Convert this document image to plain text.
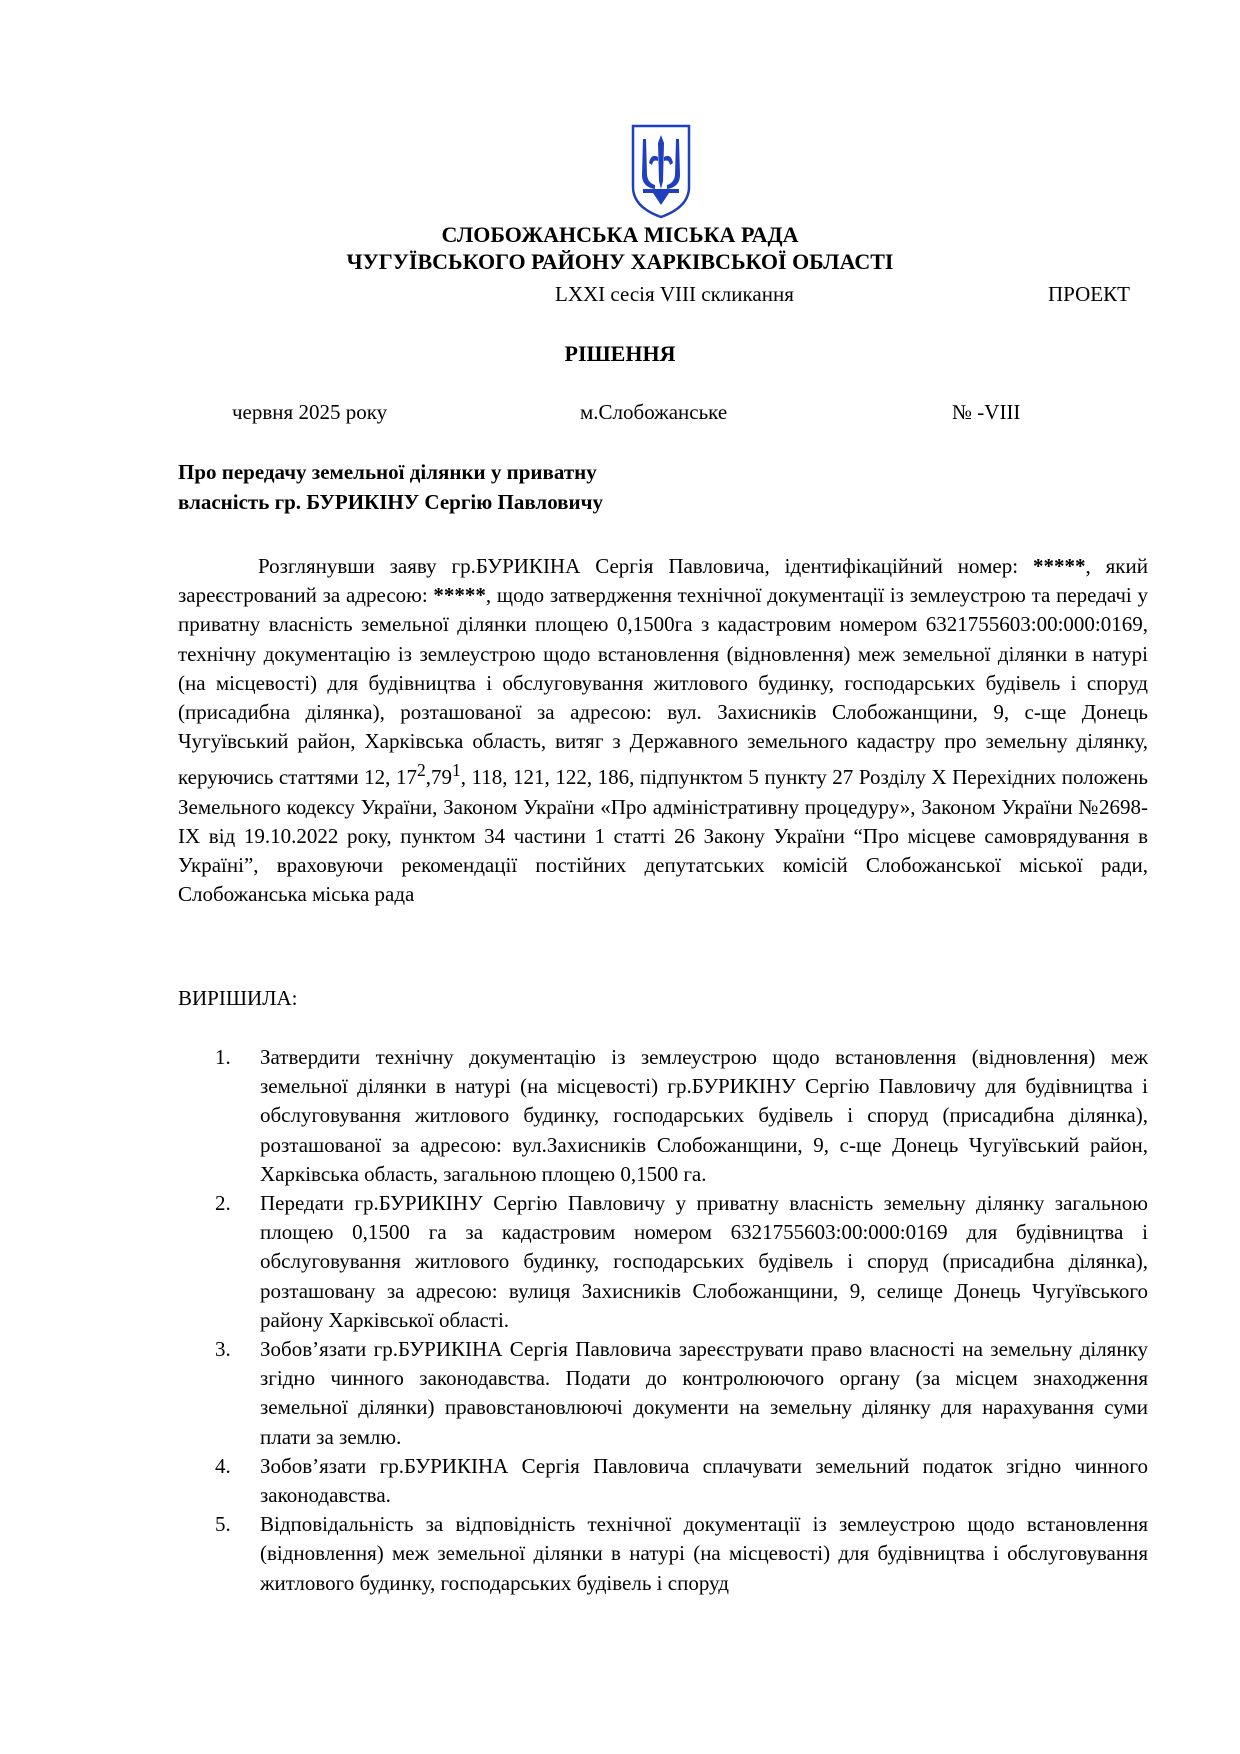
СЛОБОЖАНСЬКА МІСЬКА РАДА
ЧУГУЇВСЬКОГО РАЙОНУ ХАРКІВСЬКОЇ ОБЛАСТІ
LXXI сесія VIII скликання	ПРОЕКТ
РІШЕННЯ
червня 2025 року	м.Слобожанське	№ -VIII
Про передачу земельної ділянки у приватну
власність гр. БУРИКІНУ Сергію Павловичу
Розглянувши заяву гр.БУРИКІНА Сергія Павловича, ідентифікаційний номер: *****, який зареєстрований за адресою: *****, щодо затвердження технічної документації із землеустрою та передачі у приватну власність земельної ділянки площею 0,1500га з кадастровим номером 6321755603:00:000:0169, технічну документацію із землеустрою щодо встановлення (відновлення) меж земельної ділянки в натурі (на місцевості) для будівництва і обслуговування житлового будинку, господарських будівель і споруд (присадибна ділянка), розташованої за адресою: вул. Захисників Слобожанщини, 9, с-ще Донець Чугуївський район, Харківська область, витяг з Державного земельного кадастру про земельну ділянку, керуючись статтями 12, $17^2,79^1$, 118, 121, 122, 186, підпунктом 5 пункту 27 Розділу Х Перехідних положень Земельного кодексу України, Законом України «Про адміністративну процедуру», Законом України №2698-ІХ від 19.10.2022 року, пунктом 34 частини 1 статті 26 Закону України “Про місцеве самоврядування в Україні”, враховуючи рекомендації постійних депутатських комісій Слобожанської міської ради, Слобожанська міська рада
ВИРІШИЛА:
1. Затвердити технічну документацію із землеустрою щодо встановлення (відновлення) меж земельної ділянки в натурі (на місцевості) гр.БУРИКІНУ Сергію Павловичу для будівництва і обслуговування житлового будинку, господарських будівель і споруд (присадибна ділянка), розташованої за адресою: вул.Захисників Слобожанщини, 9, с-ще Донець Чугуївський район, Харківська область, загальною площею 0,1500 га.
2. Передати гр.БУРИКІНУ Сергію Павловичу у приватну власність земельну ділянку загальною площею 0,1500 га за кадастровим номером 6321755603:00:000:0169 для будівництва і обслуговування житлового будинку, господарських будівель і споруд (присадибна ділянка), розташовану за адресою: вулиця Захисників Слобожанщини, 9, селище Донець Чугуївського району Харківської області.
3. Зобов’язати гр.БУРИКІНА Сергія Павловича зареєструвати право власності на земельну ділянку згідно чинного законодавства. Подати до контролюючого органу (за місцем знаходження земельної ділянки) правовстановлюючі документи на земельну ділянку для нарахування суми плати за землю.
4. Зобов’язати гр.БУРИКІНА Сергія Павловича сплачувати земельний податок згідно чинного законодавства.
5. Відповідальність за відповідність технічної документації із землеустрою щодо встановлення (відновлення) меж земельної ділянки в натурі (на місцевості) для будівництва і обслуговування житлового будинку, господарських будівель і споруд
